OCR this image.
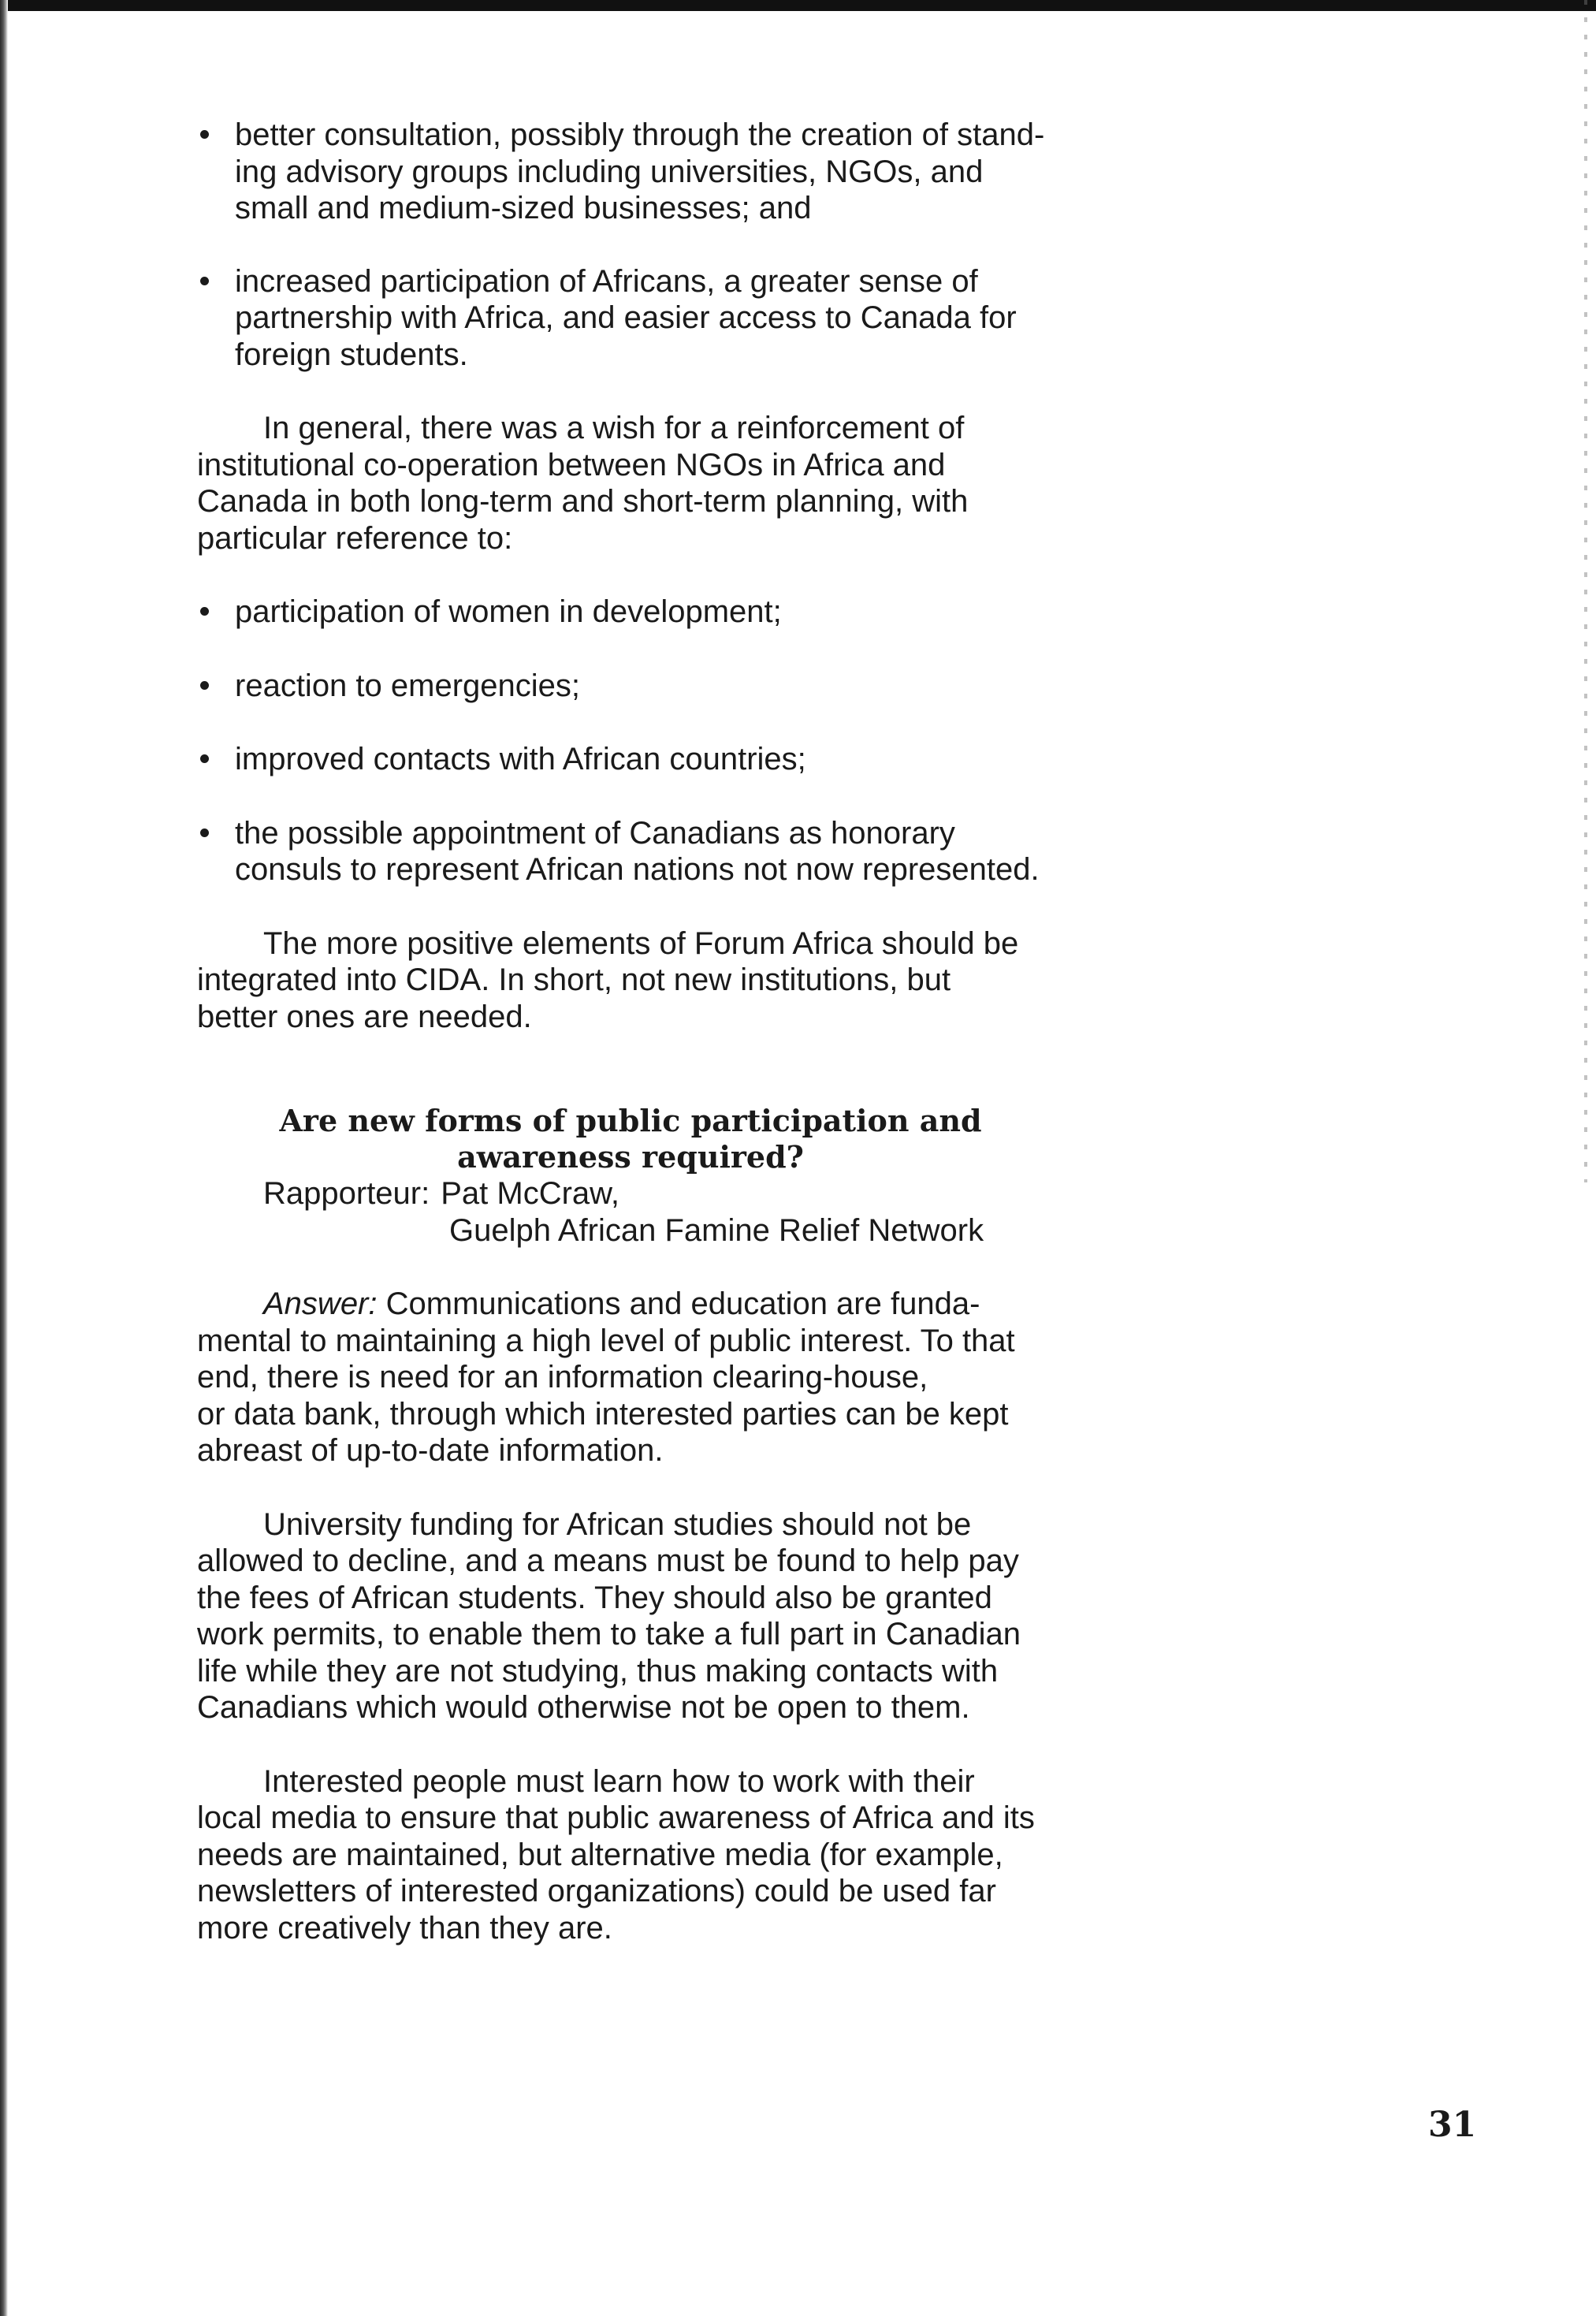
better consultation, possibly through the creation of stand-
ing advisory groups including universities, NGOs, and
small and medium-sized businesses; and
increased participation of Africans, a greater sense of
partnership with Africa, and easier access to Canada for
foreign students.

In general, there was a wish for a reinforcement of
institutional co-operation between NGOs in Africa and
Canada in both long-term and short-term planning, with
particular reference to:

participation of women in development;
reaction to emergencies;
improved contacts with African countries;
the possible appointment of Canadians as honorary
consuls to represent African nations not now represented.

The more positive elements of Forum Africa should be
integrated into CIDA. In short, not new institutions, but
better ones are needed.

Are new forms of public participation and
awareness required?
Rapporteur: Pat McCraw,
Guelph African Famine Relief Network

Answer: Communications and education are funda-
mental to maintaining a high level of public interest. To that
end, there is need for an information clearing-house,
or data bank, through which interested parties can be kept
abreast of up-to-date information.

University funding for African studies should not be
allowed to decline, and a means must be found to help pay
the fees of African students. They should also be granted
work permits, to enable them to take a full part in Canadian
life while they are not studying, thus making contacts with
Canadians which would otherwise not be open to them.

Interested people must learn how to work with their
local media to ensure that public awareness of Africa and its
needs are maintained, but alternative media (for example,
newsletters of interested organizations) could be used far
more creatively than they are.

31
